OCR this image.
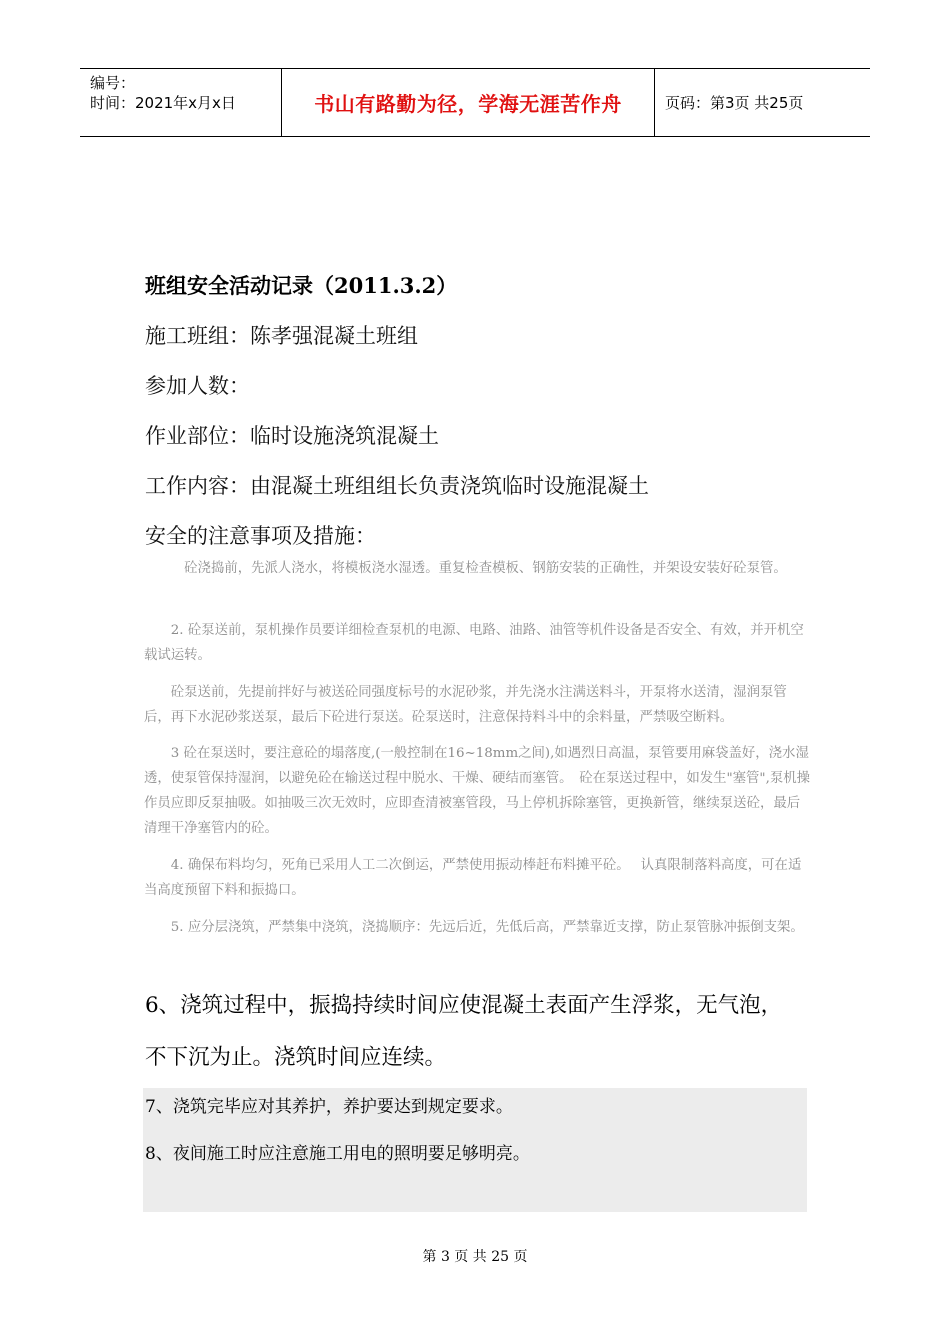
编号：
时间：2021年x月x日	书山有路勤为径，学海无涯苦作舟	页码：第3页 共25页
班组安全活动记录（2011.3.2）
施工班组：陈孝强混凝土班组
参加人数：
作业部位：临时设施浇筑混凝土
工作内容：由混凝土班组组长负责浇筑临时设施混凝土
安全的注意事项及措施：
　　　砼浇捣前，先派人浇水，将模板浇水湿透。重复检查模板、钢筋安装的正确性，并架设安装好砼泵管。
　　2. 砼泵送前，泵机操作员要详细检查泵机的电源、电路、油路、油管等机件设备是否安全、有效，并开机空载试运转。
　　砼泵送前，先提前拌好与被送砼同强度标号的水泥砂浆，并先浇水注满送料斗，开泵将水送清，湿润泵管后，再下水泥砂浆送泵，最后下砼进行泵送。砼泵送时，注意保持料斗中的余料量，严禁吸空断料。
　　3 砼在泵送时，要注意砼的塌落度,(一般控制在16~18mm之间),如遇烈日高温，泵管要用麻袋盖好，浇水湿透，使泵管保持湿润，以避免砼在输送过程中脱水、干燥、硬结而塞管。　砼在泵送过程中，如发生"塞管",泵机操作员应即反泵抽吸。如抽吸三次无效时，应即查清被塞管段，马上停机拆除塞管，更换新管，继续泵送砼，最后清理干净塞管内的砼。
　　4. 确保布料均匀，死角已采用人工二次倒运，严禁使用振动棒赶布料摊平砼。　 认真限制落料高度，可在适当高度预留下料和振捣口。
　　5. 应分层浇筑，严禁集中浇筑，浇捣顺序：先远后近，先低后高，严禁靠近支撑，防止泵管脉冲振倒支架。
6、浇筑过程中，振捣持续时间应使混凝土表面产生浮浆，无气泡，
不下沉为止。浇筑时间应连续。
7、浇筑完毕应对其养护，养护要达到规定要求。
8、夜间施工时应注意施工用电的照明要足够明亮。
第 3 页 共 25 页
